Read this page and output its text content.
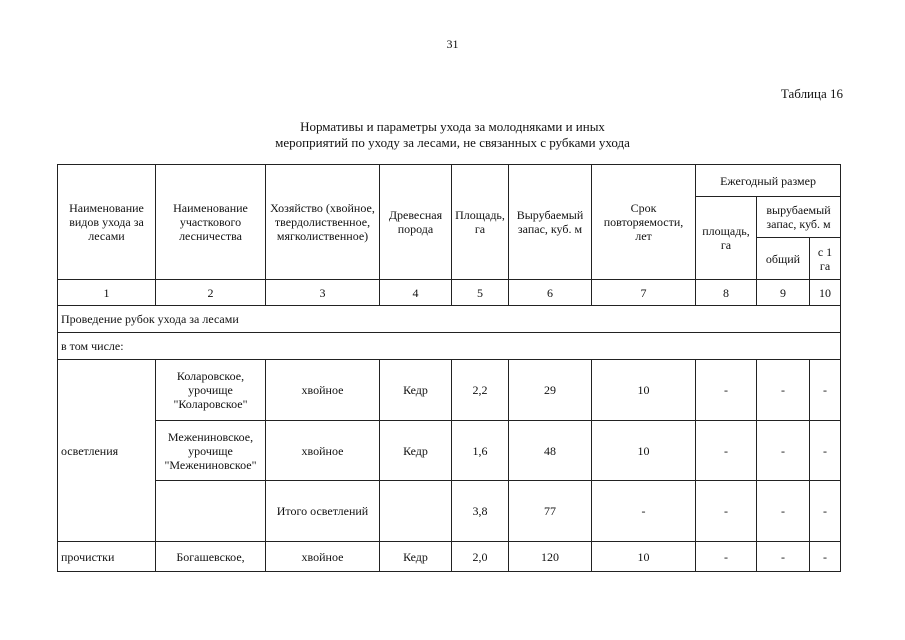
31
Таблица 16
Нормативы и параметры ухода за молодняками и иных
мероприятий по уходу за лесами, не связанных с рубками ухода
Наименование видов ухода за лесами	Наименование участкового лесничества	Хозяйство (хвойное, твердолиственное, мягколиственное)	Древесная порода	Площадь, га	Вырубаемый запас, куб. м	Срок повторяемости, лет	Ежегодный размер		
							площадь, га	вырубаемый запас, куб. м	
								общий	с 1 га
1	2	3	4	5	6	7	8	9	10
Проведение рубок ухода за лесами									
в том числе:									
осветления	Коларовское, урочище "Коларовское"	хвойное	Кедр	2,2	29	10	-	-	-
	Межениновское, урочище "Межениновское"	хвойное	Кедр	1,6	48	10	-	-	-
		Итого осветлений		3,8	77	-	-	-	-
прочистки	Богашевское,	хвойное	Кедр	2,0	120	10	-	-	-
